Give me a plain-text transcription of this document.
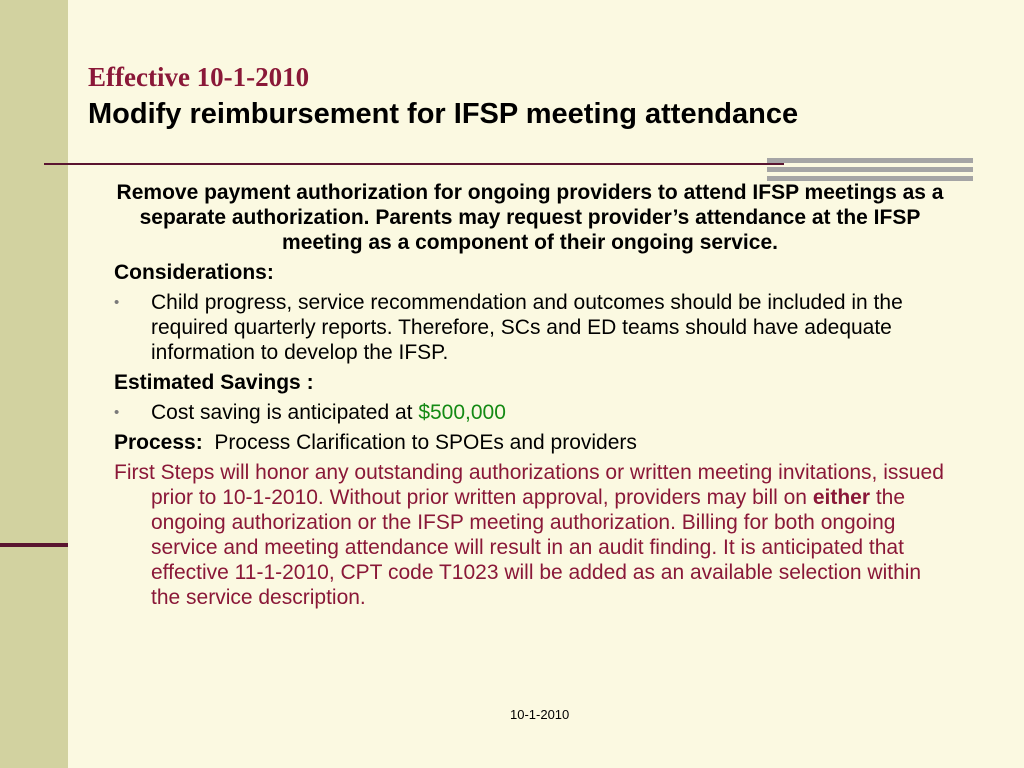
Effective 10-1-2010
Modify reimbursement for IFSP meeting attendance
Remove payment authorization for ongoing providers to attend IFSP meetings as a separate authorization. Parents may request provider’s attendance at the IFSP meeting as a component of their ongoing service.
Considerations:
• Child progress, service recommendation and outcomes should be included in the required quarterly reports. Therefore, SCs and ED teams should have adequate information to develop the IFSP.
Estimated Savings :
• Cost saving is anticipated at $500,000
Process: Process Clarification to SPOEs and providers
First Steps will honor any outstanding authorizations or written meeting invitations, issued prior to 10-1-2010. Without prior written approval, providers may bill on either the ongoing authorization or the IFSP meeting authorization. Billing for both ongoing service and meeting attendance will result in an audit finding. It is anticipated that effective 11-1-2010, CPT code T1023 will be added as an available selection within the service description.
10-1-2010
